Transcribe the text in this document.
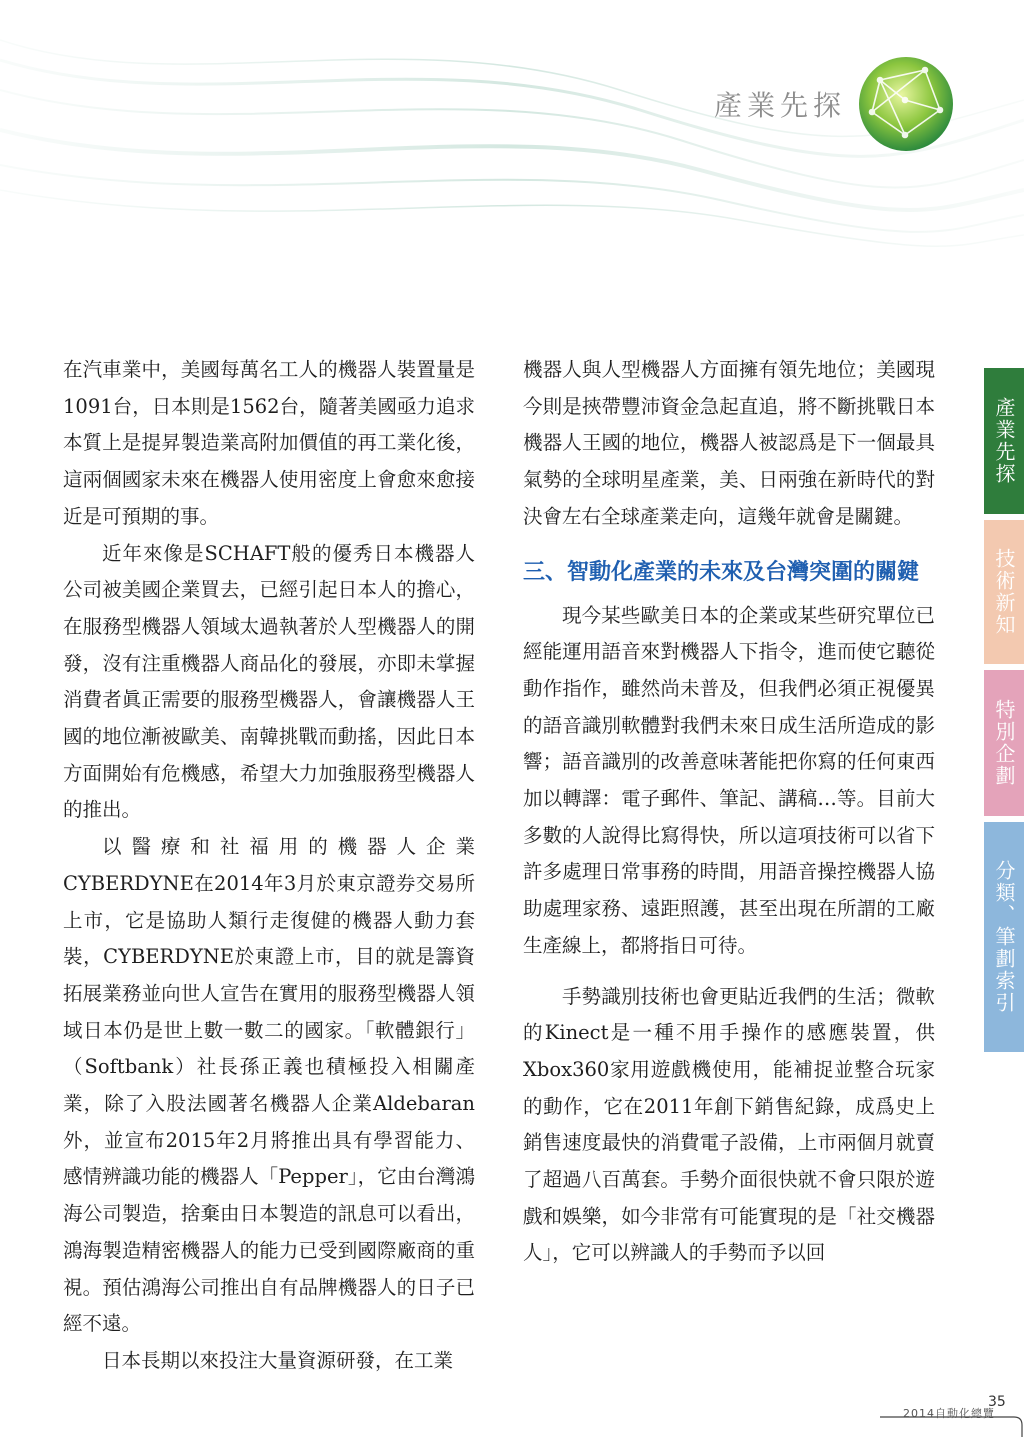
產業先探
產業先探
技術新知
特別企劃
分類、筆劃索引

在汽車業中，美國每萬名工人的機器人裝置量是1091台，日本則是1562台，隨著美國亟力追求本質上是提昇製造業高附加價值的再工業化後，這兩個國家未來在機器人使用密度上會愈來愈接近是可預期的事。

近年來像是SCHAFT般的優秀日本機器人公司被美國企業買去，已經引起日本人的擔心，在服務型機器人領域太過執著於人型機器人的開發，沒有注重機器人商品化的發展，亦即未掌握消費者眞正需要的服務型機器人，會讓機器人王國的地位漸被歐美、南韓挑戰而動搖，因此日本方面開始有危機感，希望大力加強服務型機器人的推出。

以醫療和社福用的機器人企業CYBERDYNE在2014年3月於東京證券交易所上市，它是協助人類行走復健的機器人動力套裝，CYBERDYNE於東證上市，目的就是籌資拓展業務並向世人宣告在實用的服務型機器人領域日本仍是世上數一數二的國家。「軟體銀行」（Softbank）社長孫正義也積極投入相關產業，除了入股法國著名機器人企業Aldebaran外，並宣布2015年2月將推出具有學習能力、感情辨識功能的機器人「Pepper」，它由台灣鴻海公司製造，捨棄由日本製造的訊息可以看出，鴻海製造精密機器人的能力已受到國際廠商的重視。預估鴻海公司推出自有品牌機器人的日子已經不遠。

日本長期以來投注大量資源研發，在工業

機器人與人型機器人方面擁有領先地位；美國現今則是挾帶豐沛資金急起直追，將不斷挑戰日本機器人王國的地位，機器人被認爲是下一個最具氣勢的全球明星產業，美、日兩強在新時代的對決會左右全球產業走向，這幾年就會是關鍵。

三、智動化產業的未來及台灣突圍的關鍵

現今某些歐美日本的企業或某些研究單位已經能運用語音來對機器人下指令，進而使它聽從動作指作，雖然尚未普及，但我們必須正視優異的語音識別軟體對我們未來日成生活所造成的影響；語音識別的改善意味著能把你寫的任何東西加以轉譯：電子郵件、筆記、講稿…等。目前大多數的人說得比寫得快，所以這項技術可以省下許多處理日常事務的時間，用語音操控機器人協助處理家務、遠距照護，甚至出現在所謂的工廠生產線上，都將指日可待。

手勢識別技術也會更貼近我們的生活；微軟的Kinect是一種不用手操作的感應裝置，供Xbox360家用遊戲機使用，能補捉並整合玩家的動作，它在2011年創下銷售紀錄，成爲史上銷售速度最快的消費電子設備，上市兩個月就賣了超過八百萬套。手勢介面很快就不會只限於遊戲和娛樂，如今非常有可能實現的是「社交機器人」，它可以辨識人的手勢而予以回

2014自動化總覽
35
